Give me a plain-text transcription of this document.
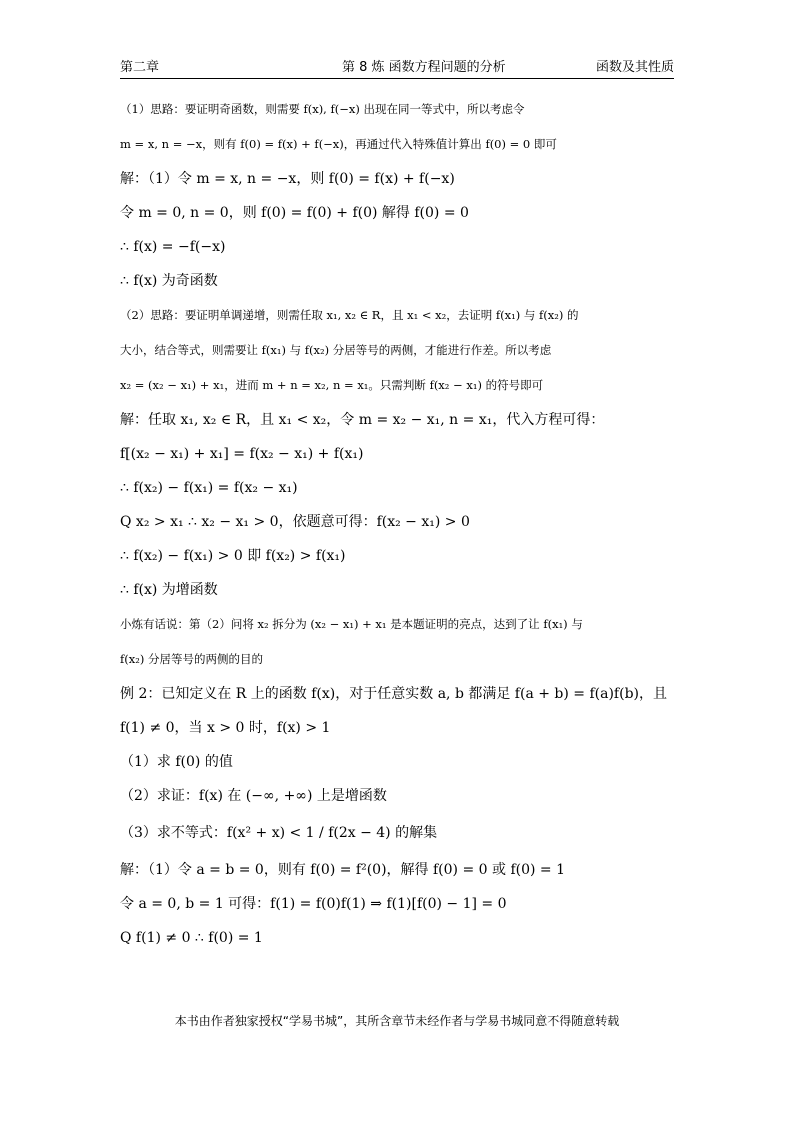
第二章	第 8 炼 函数方程问题的分析	函数及其性质
（1）思路：要证明奇函数，则需要 f(x), f(−x) 出现在同一等式中，所以考虑令
m = x, n = −x，则有 f(0) = f(x) + f(−x)，再通过代入特殊值计算出 f(0) = 0 即可
解：（1）令 m = x, n = −x，则 f(0) = f(x) + f(−x)
令 m = 0, n = 0，则 f(0) = f(0) + f(0) 解得 f(0) = 0
∴ f(x) = −f(−x)
∴ f(x) 为奇函数
（2）思路：要证明单调递增，则需任取 x₁, x₂ ∈ R，且 x₁ < x₂，去证明 f(x₁) 与 f(x₂) 的
大小，结合等式，则需要让 f(x₁) 与 f(x₂) 分居等号的两侧，才能进行作差。所以考虑
x₂ = (x₂ − x₁) + x₁，进而 m + n = x₂, n = x₁。只需判断 f(x₂ − x₁) 的符号即可
解：任取 x₁, x₂ ∈ R，且 x₁ < x₂，令 m = x₂ − x₁, n = x₁，代入方程可得：
f[(x₂ − x₁) + x₁] = f(x₂ − x₁) + f(x₁)
∴ f(x₂) − f(x₁) = f(x₂ − x₁)
Q x₂ > x₁ ∴ x₂ − x₁ > 0，依题意可得：f(x₂ − x₁) > 0
∴ f(x₂) − f(x₁) > 0 即 f(x₂) > f(x₁)
∴ f(x) 为增函数
小炼有话说：第（2）问将 x₂ 拆分为 (x₂ − x₁) + x₁ 是本题证明的亮点，达到了让 f(x₁) 与
f(x₂) 分居等号的两侧的目的
例 2：已知定义在 R 上的函数 f(x)，对于任意实数 a, b 都满足 f(a + b) = f(a)f(b)，且
f(1) ≠ 0，当 x > 0 时，f(x) > 1
（1）求 f(0) 的值
（2）求证：f(x) 在 (−∞, +∞) 上是增函数
（3）求不等式：f(x² + x) < 1 / f(2x − 4) 的解集
解：（1）令 a = b = 0，则有 f(0) = f²(0)，解得 f(0) = 0 或 f(0) = 1
令 a = 0, b = 1 可得：f(1) = f(0)f(1) ⇒ f(1)[f(0) − 1] = 0
Q f(1) ≠ 0 ∴ f(0) = 1
本书由作者独家授权“学易书城”，其所含章节未经作者与学易书城同意不得随意转载
